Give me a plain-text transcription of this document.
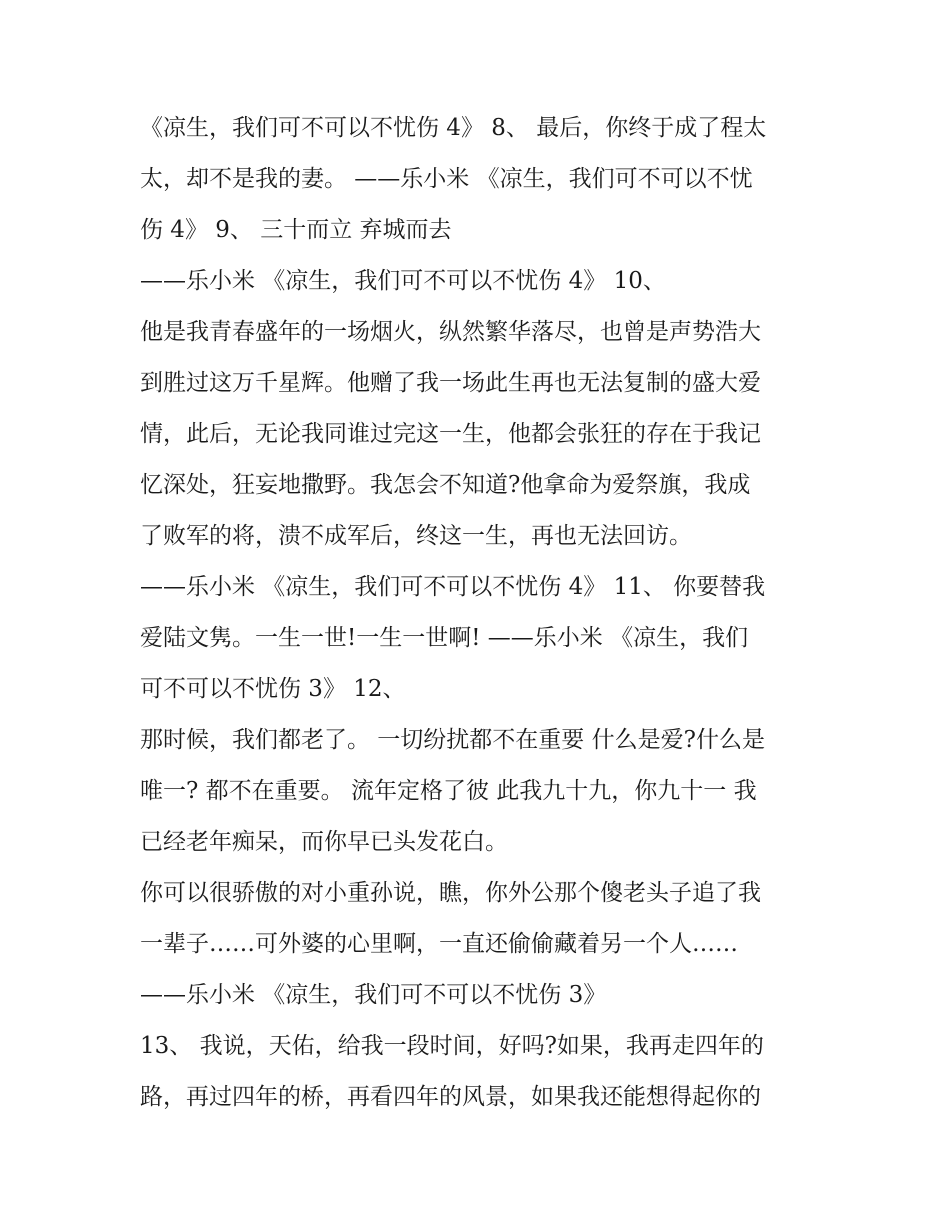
《凉生，我们可不可以不忧伤 4》 8、 最后，你终于成了程太
太，却不是我的妻。 ——乐小米 《凉生，我们可不可以不忧
伤 4》 9、 三十而立 弃城而去
——乐小米 《凉生，我们可不可以不忧伤 4》 10、
他是我青春盛年的一场烟火，纵然繁华落尽，也曾是声势浩大
到胜过这万千星辉。他赠了我一场此生再也无法复制的盛大爱
情，此后，无论我同谁过完这一生，他都会张狂的存在于我记
忆深处，狂妄地撒野。我怎会不知道?他拿命为爱祭旗，我成
了败军的将，溃不成军后，终这一生，再也无法回访。
——乐小米 《凉生，我们可不可以不忧伤 4》 11、 你要替我
爱陆文隽。一生一世!一生一世啊! ——乐小米 《凉生，我们
可不可以不忧伤 3》 12、
那时候，我们都老了。 一切纷扰都不在重要 什么是爱?什么是
唯一? 都不在重要。 流年定格了彼 此我九十九，你九十一 我
已经老年痴呆，而你早已头发花白。
你可以很骄傲的对小重孙说，瞧，你外公那个傻老头子追了我
一辈子……可外婆的心里啊，一直还偷偷藏着另一个人……
——乐小米 《凉生，我们可不可以不忧伤 3》
13、 我说，天佑，给我一段时间，好吗?如果，我再走四年的
路，再过四年的桥，再看四年的风景，如果我还能想得起你的
